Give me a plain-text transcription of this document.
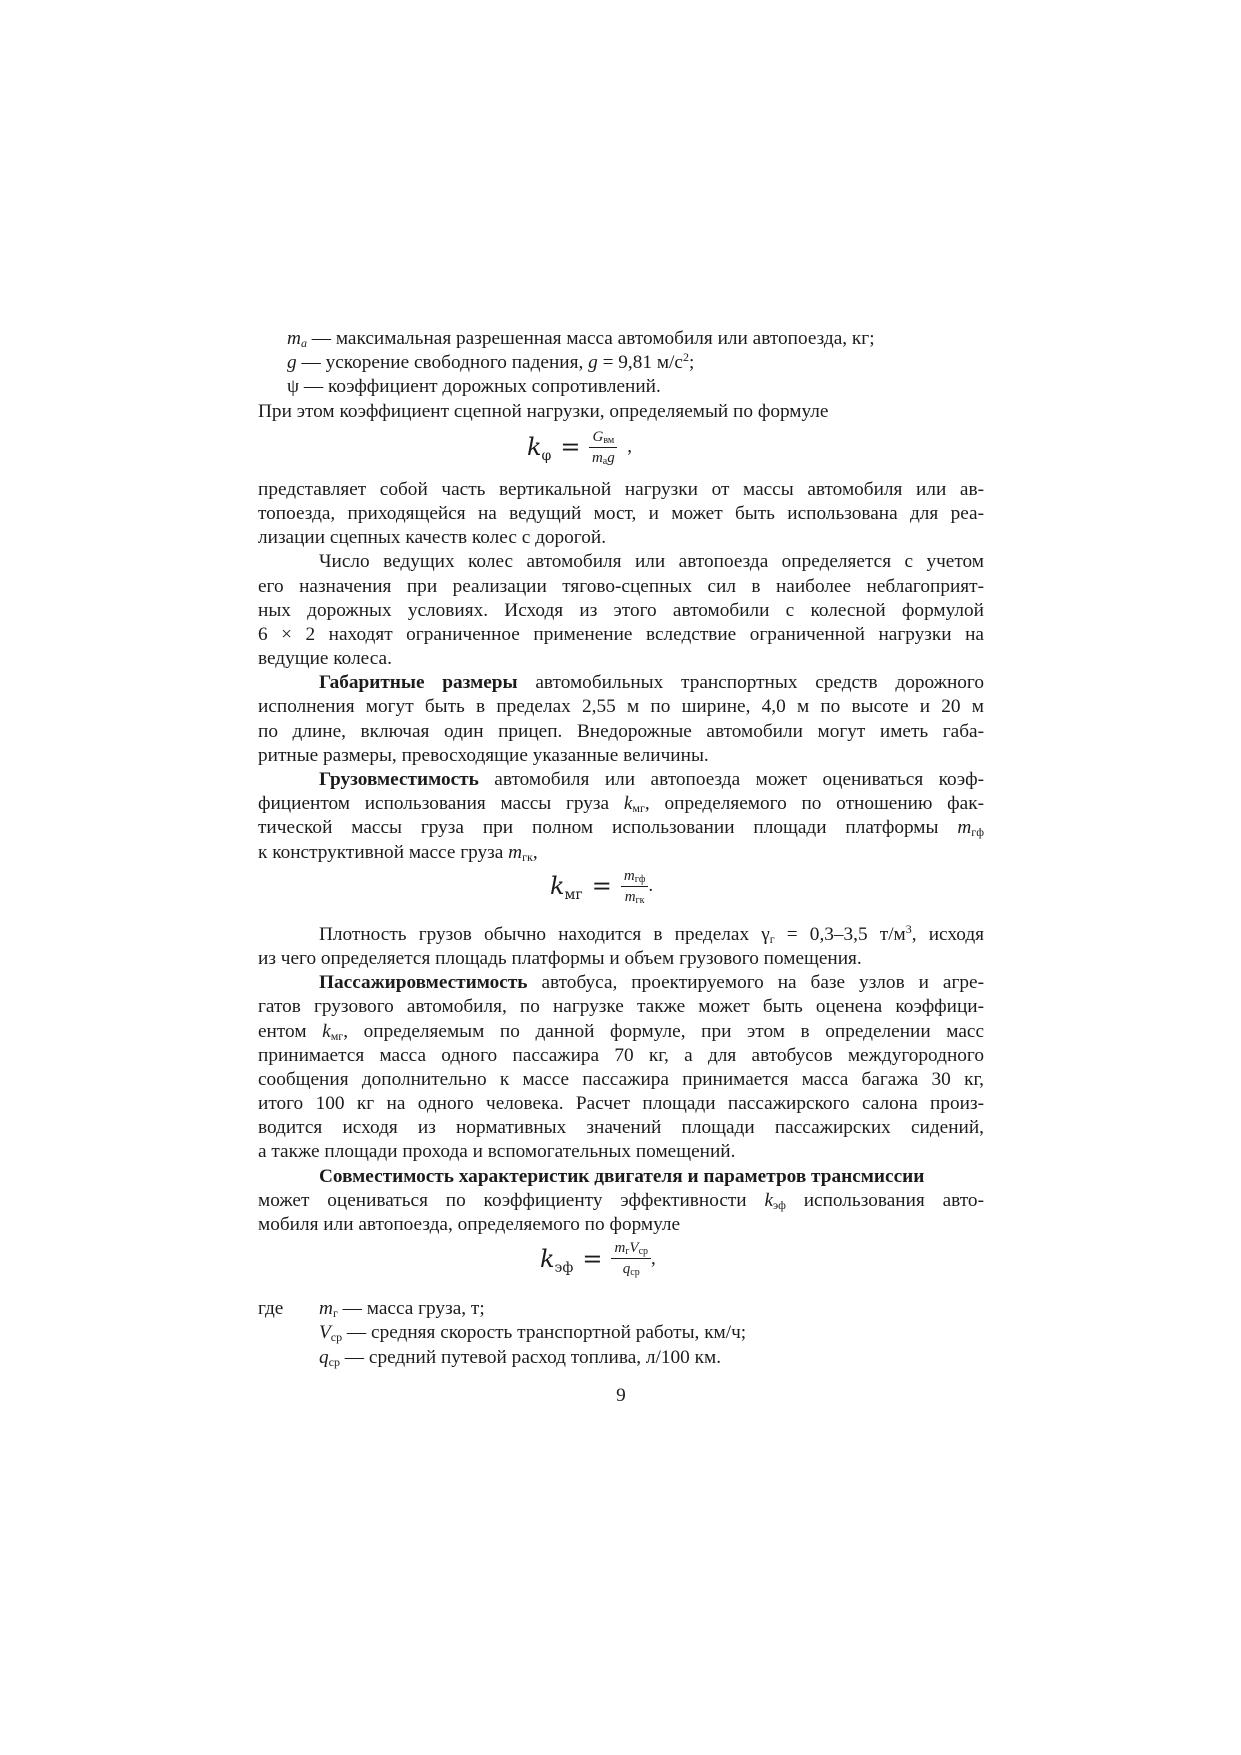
$m_a$ — максимальная разрешенная масса автомобиля или автопоезда, кг;
g — ускорение свободного падения, g = 9,81 $м/с^2$;
ψ — коэффициент дорожных сопротивлений.
При этом коэффициент сцепной нагрузки, определяемый по формуле
$k_\varphi = \frac{G_{вм}}{m_ag}$ ,
представляет собой часть вертикальной нагрузки от массы автомобиля или ав-
топоезда, приходящейся на ведущий мост, и может быть использована для реа-
лизации сцепных качеств колес с дорогой.
Число ведущих колес автомобиля или автопоезда определяется с учетом
его назначения при реализации тягово-сцепных сил в наиболее неблагоприят-
ных дорожных условиях. Исходя из этого автомобили с колесной формулой
6 × 2 находят ограниченное применение вследствие ограниченной нагрузки на
ведущие колеса.
Габаритные размеры автомобильных транспортных средств дорожного
исполнения могут быть в пределах 2,55 м по ширине, 4,0 м по высоте и 20 м
по длине, включая один прицеп. Внедорожные автомобили могут иметь габа-
ритные размеры, превосходящие указанные величины.
Грузовместимость автомобиля или автопоезда может оцениваться коэф-
фициентом использования массы груза $k_{мг}$, определяемого по отношению фак-
тической массы груза при полном использовании площади платформы $m_{гф}$
к конструктивной массе груза $m_{гк}$,
$k_{мг} = \frac{m_{гф}}{m_{гк}}$ .
Плотность грузов обычно находится в пределах $\gamma_г = 0,3-3,5$ $т/м^3$, исходя
из чего определяется площадь платформы и объем грузового помещения.
Пассажировместимость автобуса, проектируемого на базе узлов и агре-
гатов грузового автомобиля, по нагрузке также может быть оценена коэффици-
ентом $k_{мг}$, определяемым по данной формуле, при этом в определении масс
принимается масса одного пассажира 70 кг, а для автобусов междугородного
сообщения дополнительно к массе пассажира принимается масса багажа 30 кг,
итого 100 кг на одного человека. Расчет площади пассажирского салона произ-
водится исходя из нормативных значений площади пассажирских сидений,
а также площади прохода и вспомогательных помещений.
Совместимость характеристик двигателя и параметров трансмиссии
может оцениваться по коэффициенту эффективности $k_{эф}$ использования авто-
мобиля или автопоезда, определяемого по формуле
$k_{эф} = \frac{m_гV_{ср}}{q_{ср}}$ ,
где	$m_г$ — масса груза, т;
$V_{ср}$ — средняя скорость транспортной работы, км/ч;
$q_{ср}$ — средний путевой расход топлива, л/100 км.
9
